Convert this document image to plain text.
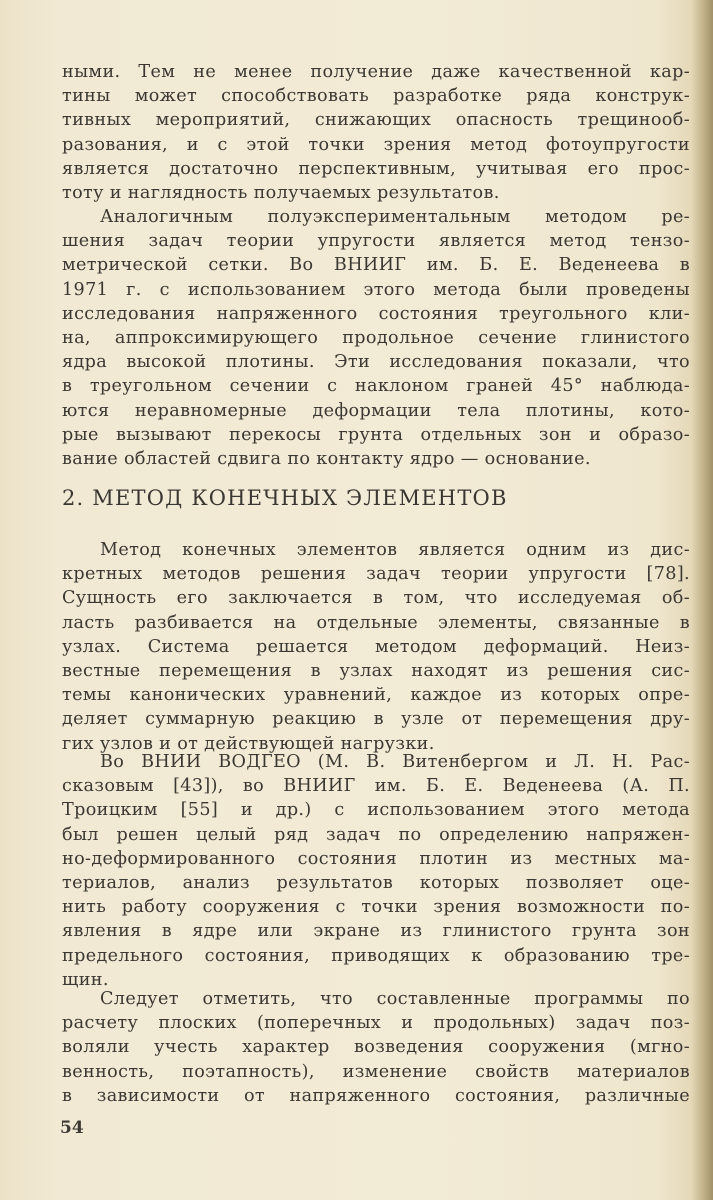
ными. Тем не менее получение даже качественной кар-
тины может способствовать разработке ряда конструк-
тивных мероприятий, снижающих опасность трещинооб-
разования, и с этой точки зрения метод фотоупругости
является достаточно перспективным, учитывая его прос-
тоту и наглядность получаемых результатов.
Аналогичным полуэкспериментальным методом ре-
шения задач теории упругости является метод тензо-
метрической сетки. Во ВНИИГ им. Б. Е. Веденеева в
1971 г. с использованием этого метода были проведены
исследования напряженного состояния треугольного кли-
на, аппроксимирующего продольное сечение глинистого
ядра высокой плотины. Эти исследования показали, что
в треугольном сечении с наклоном граней 45° наблюда-
ются неравномерные деформации тела плотины, кото-
рые вызывают перекосы грунта отдельных зон и образо-
вание областей сдвига по контакту ядро — основание.
2. МЕТОД КОНЕЧНЫХ ЭЛЕМЕНТОВ
Метод конечных элементов является одним из дис-
кретных методов решения задач теории упругости [78].
Сущность его заключается в том, что исследуемая об-
ласть разбивается на отдельные элементы, связанные в
узлах. Система решается методом деформаций. Неиз-
вестные перемещения в узлах находят из решения сис-
темы канонических уравнений, каждое из которых опре-
деляет суммарную реакцию в узле от перемещения дру-
гих узлов и от действующей нагрузки.
Во ВНИИ ВОДГЕО (М. В. Витенбергом и Л. Н. Рас-
сказовым [43]), во ВНИИГ им. Б. Е. Веденеева (А. П.
Троицким [55] и др.) с использованием этого метода
был решен целый ряд задач по определению напряжен-
но-деформированного состояния плотин из местных ма-
териалов, анализ результатов которых позволяет оце-
нить работу сооружения с точки зрения возможности по-
явления в ядре или экране из глинистого грунта зон
предельного состояния, приводящих к образованию тре-
щин.
Следует отметить, что составленные программы по
расчету плоских (поперечных и продольных) задач поз-
воляли учесть характер возведения сооружения (мгно-
венность, поэтапность), изменение свойств материалов
в зависимости от напряженного состояния, различные
54
